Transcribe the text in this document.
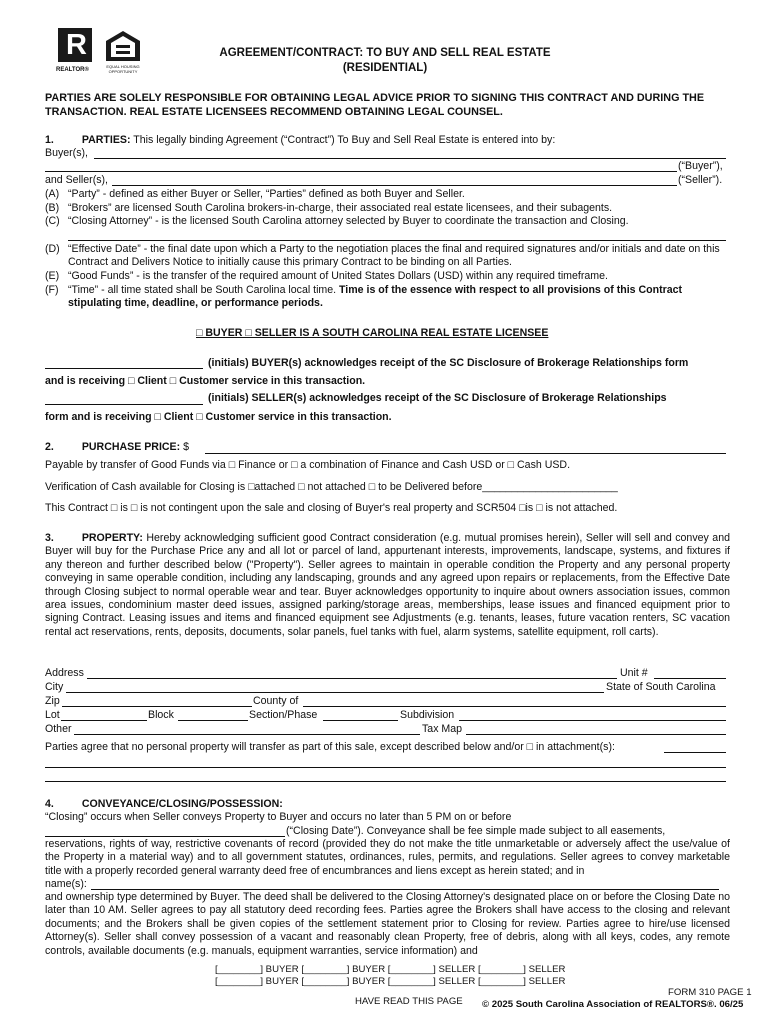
R
REALTOR®
EQUAL HOUSING OPPORTUNITY
AGREEMENT/CONTRACT: TO BUY AND SELL REAL ESTATE
(RESIDENTIAL)
PARTIES ARE SOLELY RESPONSIBLE FOR OBTAINING LEGAL ADVICE PRIOR TO SIGNING THIS CONTRACT AND DURING THE TRANSACTION. REAL ESTATE LICENSEES RECOMMEND OBTAINING LEGAL COUNSEL.
1.	PARTIES: This legally binding Agreement (“Contract”) To Buy and Sell Real Estate is entered into by:
Buyer(s),
(“Buyer”),
and Seller(s),	(“Seller”).
(A) “Party” - defined as either Buyer or Seller, “Parties” defined as both Buyer and Seller.
(B) “Brokers” are licensed South Carolina brokers-in-charge, their associated real estate licensees, and their subagents.
(C) “Closing Attorney” - is the licensed South Carolina attorney selected by Buyer to coordinate the transaction and Closing.
(D) “Effective Date” - the final date upon which a Party to the negotiation places the final and required signatures and/or initials and date on this Contract and Delivers Notice to initially cause this primary Contract to be binding on all Parties.
(E) “Good Funds” - is the transfer of the required amount of United States Dollars (USD) within any required timeframe.
(F) “Time” - all time stated shall be South Carolina local time. Time is of the essence with respect to all provisions of this Contract stipulating time, deadline, or performance periods.
□ BUYER □ SELLER IS A SOUTH CAROLINA REAL ESTATE LICENSEE
(initials) BUYER(s) acknowledges receipt of the SC Disclosure of Brokerage Relationships form
and is receiving □ Client □ Customer service in this transaction.
(initials) SELLER(s) acknowledges receipt of the SC Disclosure of Brokerage Relationships
form and is receiving □ Client □ Customer service in this transaction.
2.	PURCHASE PRICE: $
Payable by transfer of Good Funds via □ Finance or □ a combination of Finance and Cash USD or □ Cash USD.
Verification of Cash available for Closing is □attached □ not attached □ to be Delivered before_______________________
This Contract □ is □ is not contingent upon the sale and closing of Buyer's real property and SCR504 □is □ is not attached.
3.	PROPERTY: Hereby acknowledging sufficient good Contract consideration (e.g. mutual promises herein), Seller will sell and convey and Buyer will buy for the Purchase Price any and all lot or parcel of land, appurtenant interests, improvements, landscape, systems, and fixtures if any thereon and further described below ("Property"). Seller agrees to maintain in operable condition the Property and any personal property conveying in same operable condition, including any landscaping, grounds and any agreed upon repairs or replacements, from the Effective Date through Closing subject to normal operable wear and tear. Buyer acknowledges opportunity to inquire about owners association issues, common area issues, condominium master deed issues, assigned parking/storage areas, memberships, lease issues and financed equipment prior to signing Contract. Leasing issues and items and financed equipment see Adjustments (e.g. tenants, leases, future vacation renters, SC vacation rental act reservations, rents, deposits, documents, solar panels, fuel tanks with fuel, alarm systems, satellite equipment, roll carts).
Address	Unit #
City	State of South Carolina
Zip	County of
Lot	Block	Section/Phase	Subdivision
Other	Tax Map
Parties agree that no personal property will transfer as part of this sale, except described below and/or □ in attachment(s):
4.	CONVEYANCE/CLOSING/POSSESSION:
“Closing” occurs when Seller conveys Property to Buyer and occurs no later than 5 PM on or before
(“Closing Date”). Conveyance shall be fee simple made subject to all easements,
reservations, rights of way, restrictive covenants of record (provided they do not make the title unmarketable or adversely affect the use/value of the Property in a material way) and to all government statutes, ordinances, rules, permits, and regulations. Seller agrees to convey marketable title with a properly recorded general warranty deed free of encumbrances and liens except as herein stated; and in
name(s):
and ownership type determined by Buyer. The deed shall be delivered to the Closing Attorney's designated place on or before the Closing Date no later than 10 AM. Seller agrees to pay all statutory deed recording fees. Parties agree the Brokers shall have access to the closing and relevant documents; and the Brokers shall be given copies of the settlement statement prior to Closing for review. Parties agree to hire/use licensed Attorney(s). Seller shall convey possession of a vacant and reasonably clean Property, free of debris, along with all keys, codes, any remote controls, available documents (e.g. manuals, equipment warranties, service information) and
[________] BUYER [________] BUYER [________] SELLER [________] SELLER
[________] BUYER [________] BUYER [________] SELLER [________] SELLER
FORM 310 PAGE 1
HAVE READ THIS PAGE © 2025 South Carolina Association of REALTORS®. 06/25
